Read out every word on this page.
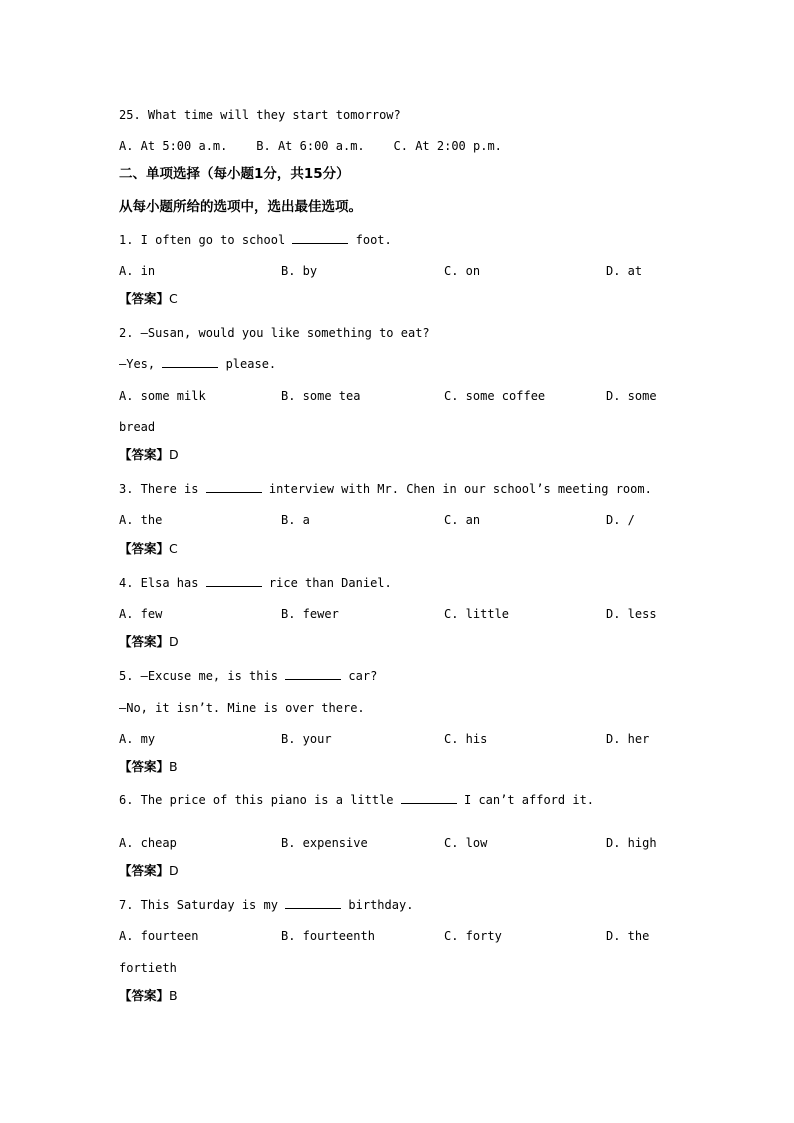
25. What time will they start tomorrow?
A. At 5:00 a.m.    B. At 6:00 a.m.    C. At 2:00 p.m.
二、单项选择（每小题1分，共15分）
从每小题所给的选项中，选出最佳选项。
1. I often go to school	foot.
A. in	B. by	C. on	D. at
【答案】C
2. —Susan, would you like something to eat?
—Yes,	please.
A. some milk	B. some tea	C. some coffee	D. some
bread
【答案】D
3. There is	interview with Mr. Chen in our school’s meeting room.
A. the	B. a	C. an	D. /
【答案】C
4. Elsa has	rice than Daniel.
A. few	B. fewer	C. little	D. less
【答案】D
5. —Excuse me, is this	car?
—No, it isn’t. Mine is over there.
A. my	B. your	C. his	D. her
【答案】B
6. The price of this piano is a little	I can’t afford it.
A. cheap	B. expensive	C. low	D. high
【答案】D
7. This Saturday is my	birthday.
A. fourteen	B. fourteenth	C. forty	D. the
fortieth
【答案】B
